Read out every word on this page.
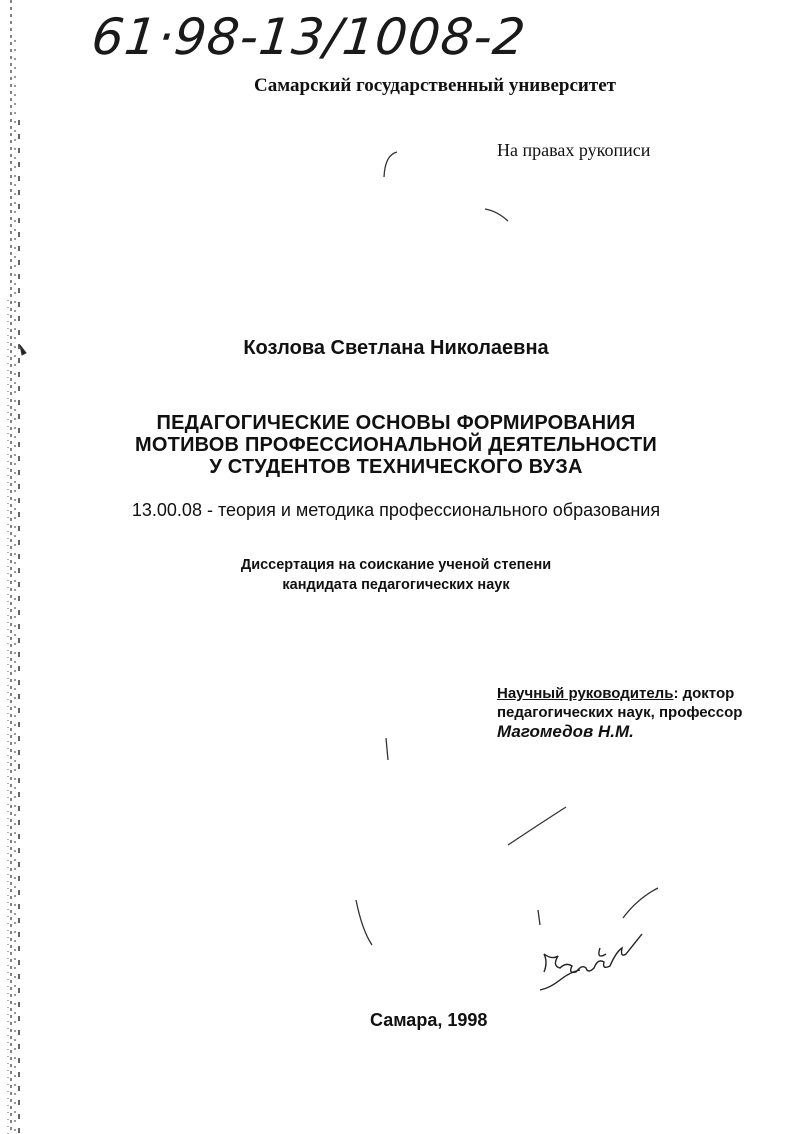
61·98-13/1008-2
Самарский государственный университет
На правах рукописи
Козлова Светлана Николаевна
ПЕДАГОГИЧЕСКИЕ ОСНОВЫ ФОРМИРОВАНИЯ
МОТИВОВ ПРОФЕССИОНАЛЬНОЙ ДЕЯТЕЛЬНОСТИ
У СТУДЕНТОВ ТЕХНИЧЕСКОГО ВУЗА
13.00.08 - теория и методика профессионального образования
Диссертация на соискание ученой степени
кандидата педагогических наук
Научный руководитель: доктор
педагогических наук, профессор
Магомедов Н.М.
Самара, 1998
